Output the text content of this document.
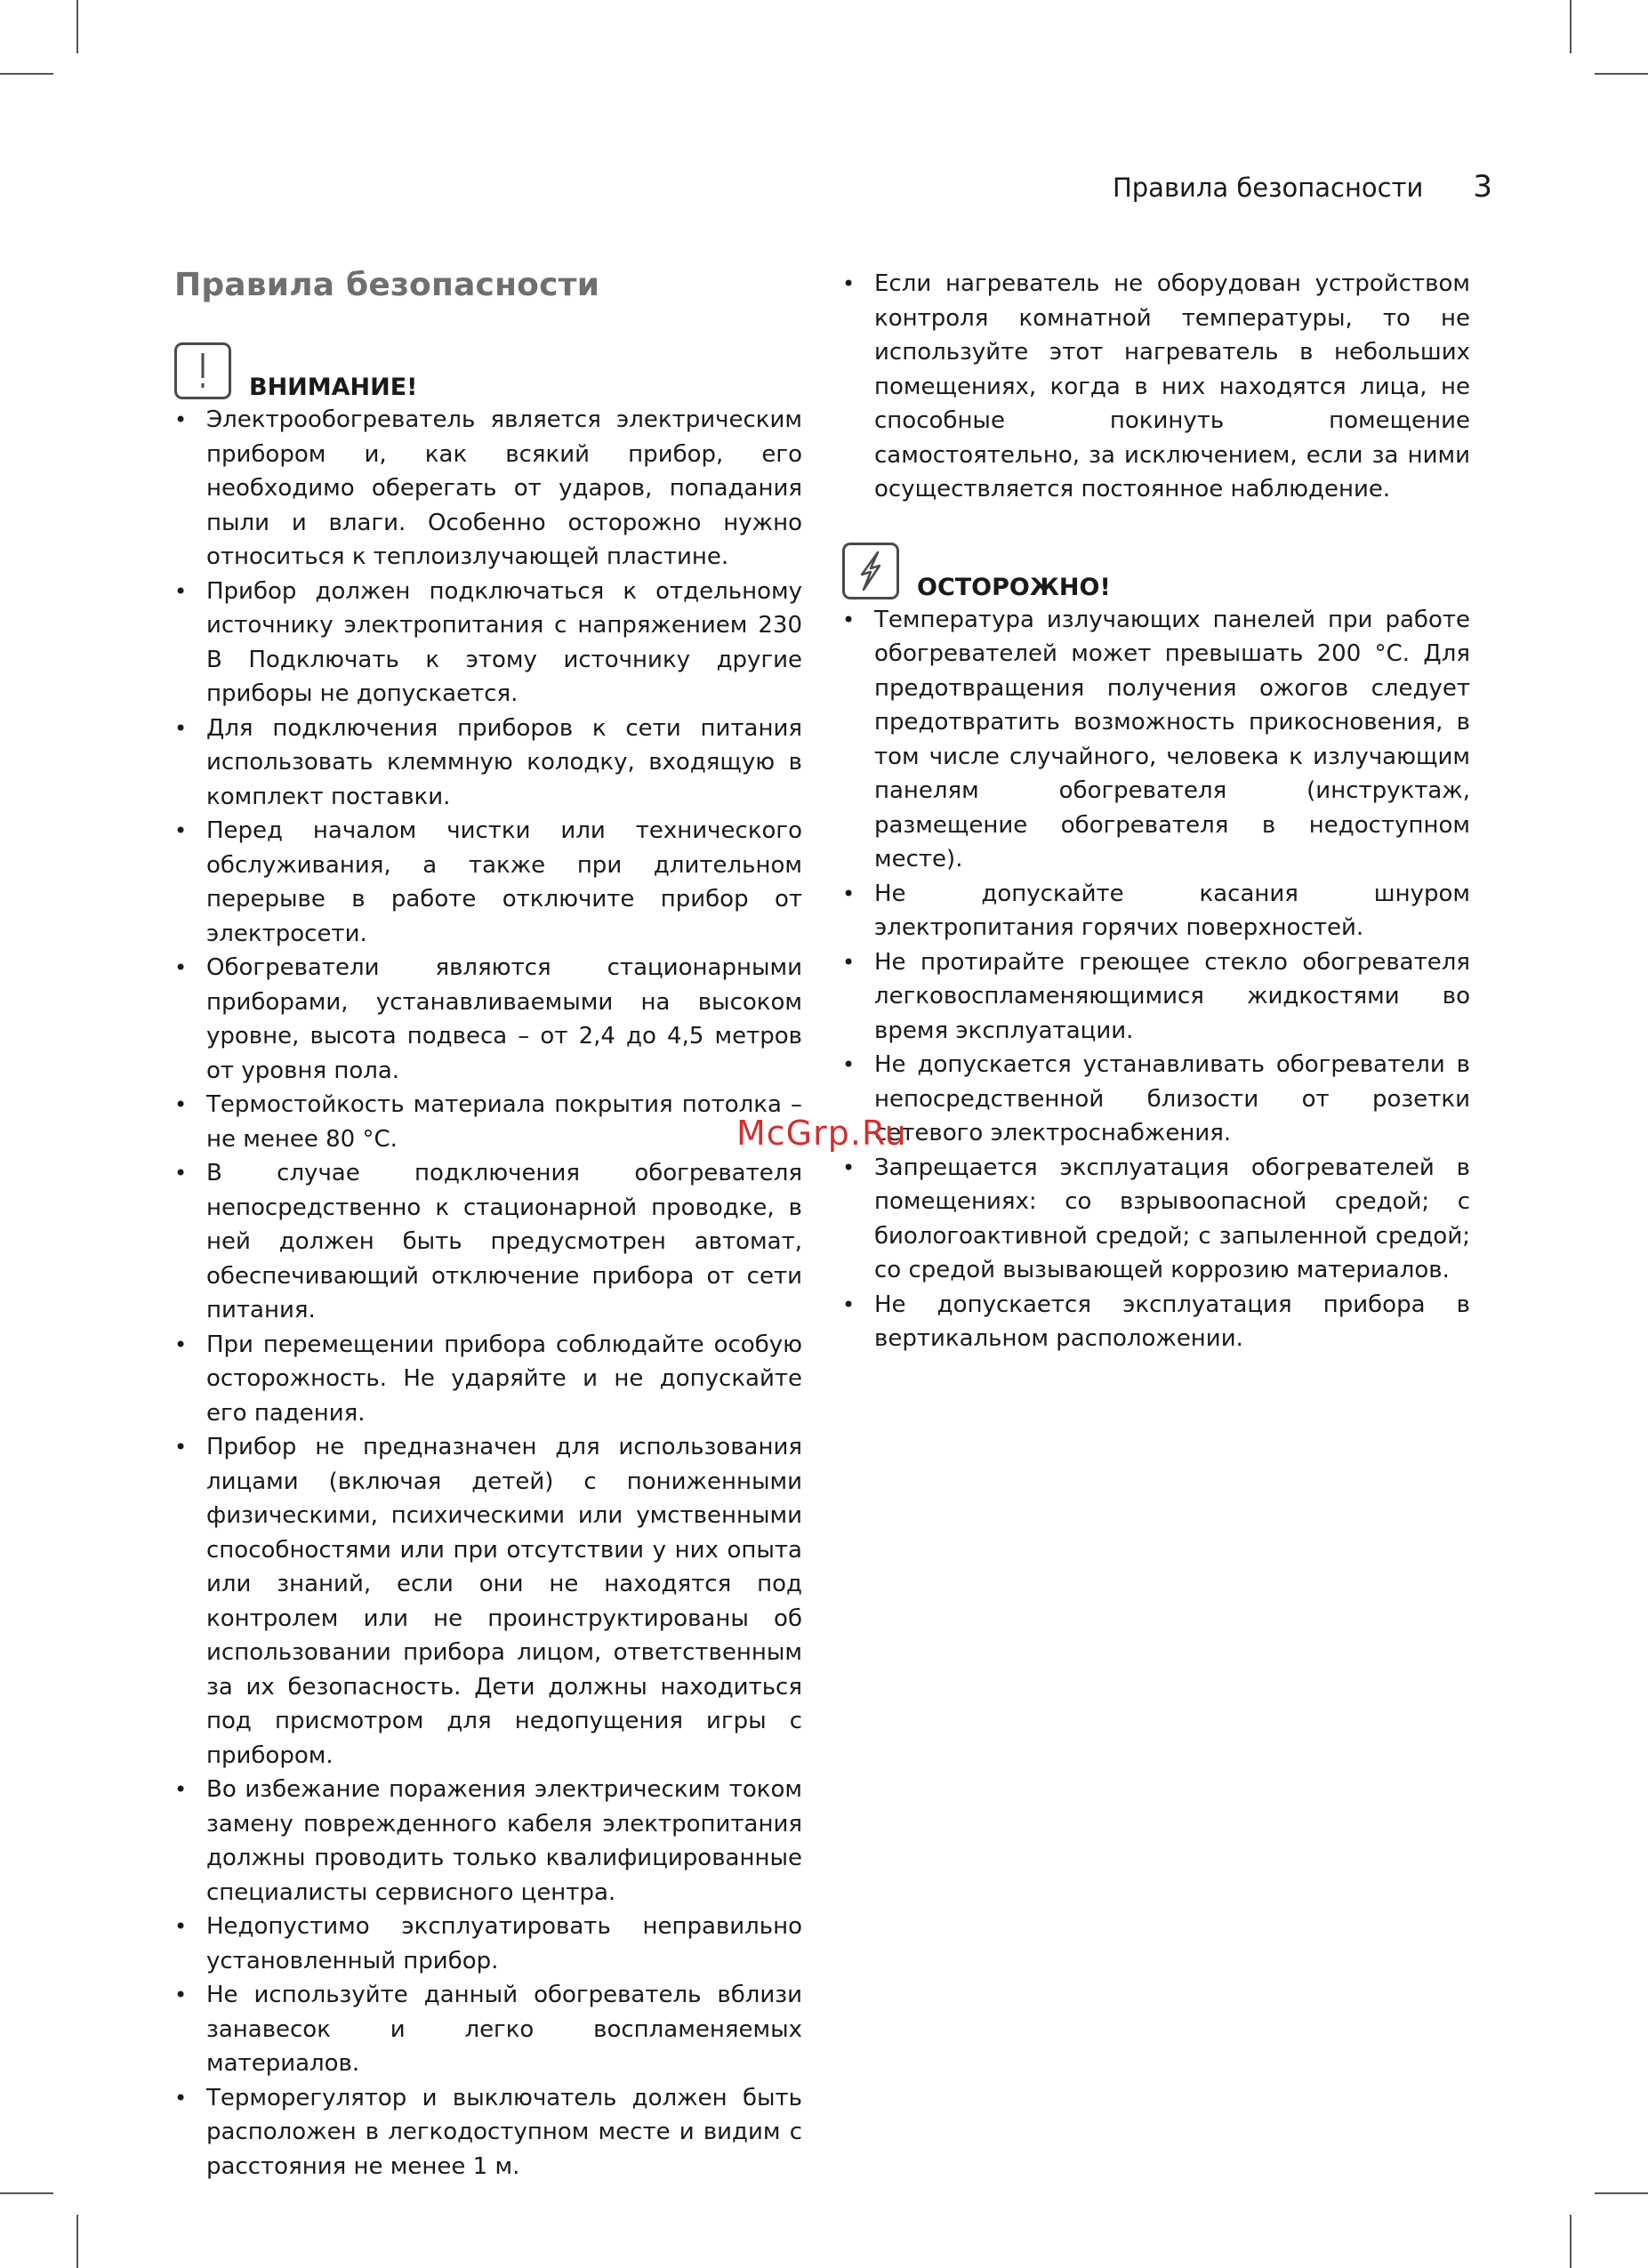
Правила безопасности 3
Правила безопасности
ВНИМАНИЕ!
• Электрообогреватель является электрическим прибором и, как всякий прибор, его необходимо оберегать от ударов, попадания пыли и влаги. Особенно осторожно нужно относиться к теплоизлучающей пластине.
• Прибор должен подключаться к отдельному источнику электропитания с напряжением 230 В Подключать к этому источнику другие приборы не допускается.
• Для подключения приборов к сети питания использовать клеммную колодку, входящую в комплект поставки.
• Перед началом чистки или технического обслуживания, а также при длительном перерыве в работе отключите прибор от электросети.
• Обогреватели являются стационарными приборами, устанавливаемыми на высоком уровне, высота подвеса – от 2,4 до 4,5 метров от уровня пола.
• Термостойкость материала покрытия потолка – не менее 80 °С.
• В случае подключения обогревателя непосредственно к стационарной проводке, в ней должен быть предусмотрен автомат, обеспечивающий отключение прибора от сети питания.
• При перемещении прибора соблюдайте особую осторожность. Не ударяйте и не допускайте его падения.
• Прибор не предназначен для использования лицами (включая детей) с пониженными физическими, психическими или умственными способностями или при отсутствии у них опыта или знаний, если они не находятся под контролем или не проинструктированы об использовании прибора лицом, ответственным за их безопасность. Дети должны находиться под присмотром для недопущения игры с прибором.
• Во избежание поражения электрическим током замену поврежденного кабеля электропитания должны проводить только квалифицированные специалисты сервисного центра.
• Недопустимо эксплуатировать неправильно установленный прибор.
• Не используйте данный обогреватель вблизи занавесок и легко воспламеняемых материалов.
• Терморегулятор и выключатель должен быть расположен в легкодоступном месте и видим с расстояния не менее 1 м.
• Если нагреватель не оборудован устройством контроля комнатной температуры, то не используйте этот нагреватель в небольших помещениях, когда в них находятся лица, не способные покинуть помещение самостоятельно, за исключением, если за ними осуществляется постоянное наблюдение.
ОСТОРОЖНО!
• Температура излучающих панелей при работе обогревателей может превышать 200 °С. Для предотвращения получения ожогов следует предотвратить возможность прикосновения, в том числе случайного, человека к излучающим панелям обогревателя (инструктаж, размещение обогревателя в недоступном месте).
• Не допускайте касания шнуром электропитания горячих поверхностей.
• Не протирайте греющее стекло обогревателя легковоспламеняющимися жидкостями во время эксплуатации.
• Не допускается устанавливать обогреватели в непосредственной близости от розетки сетевого электроснабжения.
• Запрещается эксплуатация обогревателей в помещениях: со взрывоопасной средой; с биологоактивной средой; с запыленной средой; со средой вызывающей коррозию материалов.
• Не допускается эксплуатация прибора в вертикальном расположении.
McGrp.Ru
